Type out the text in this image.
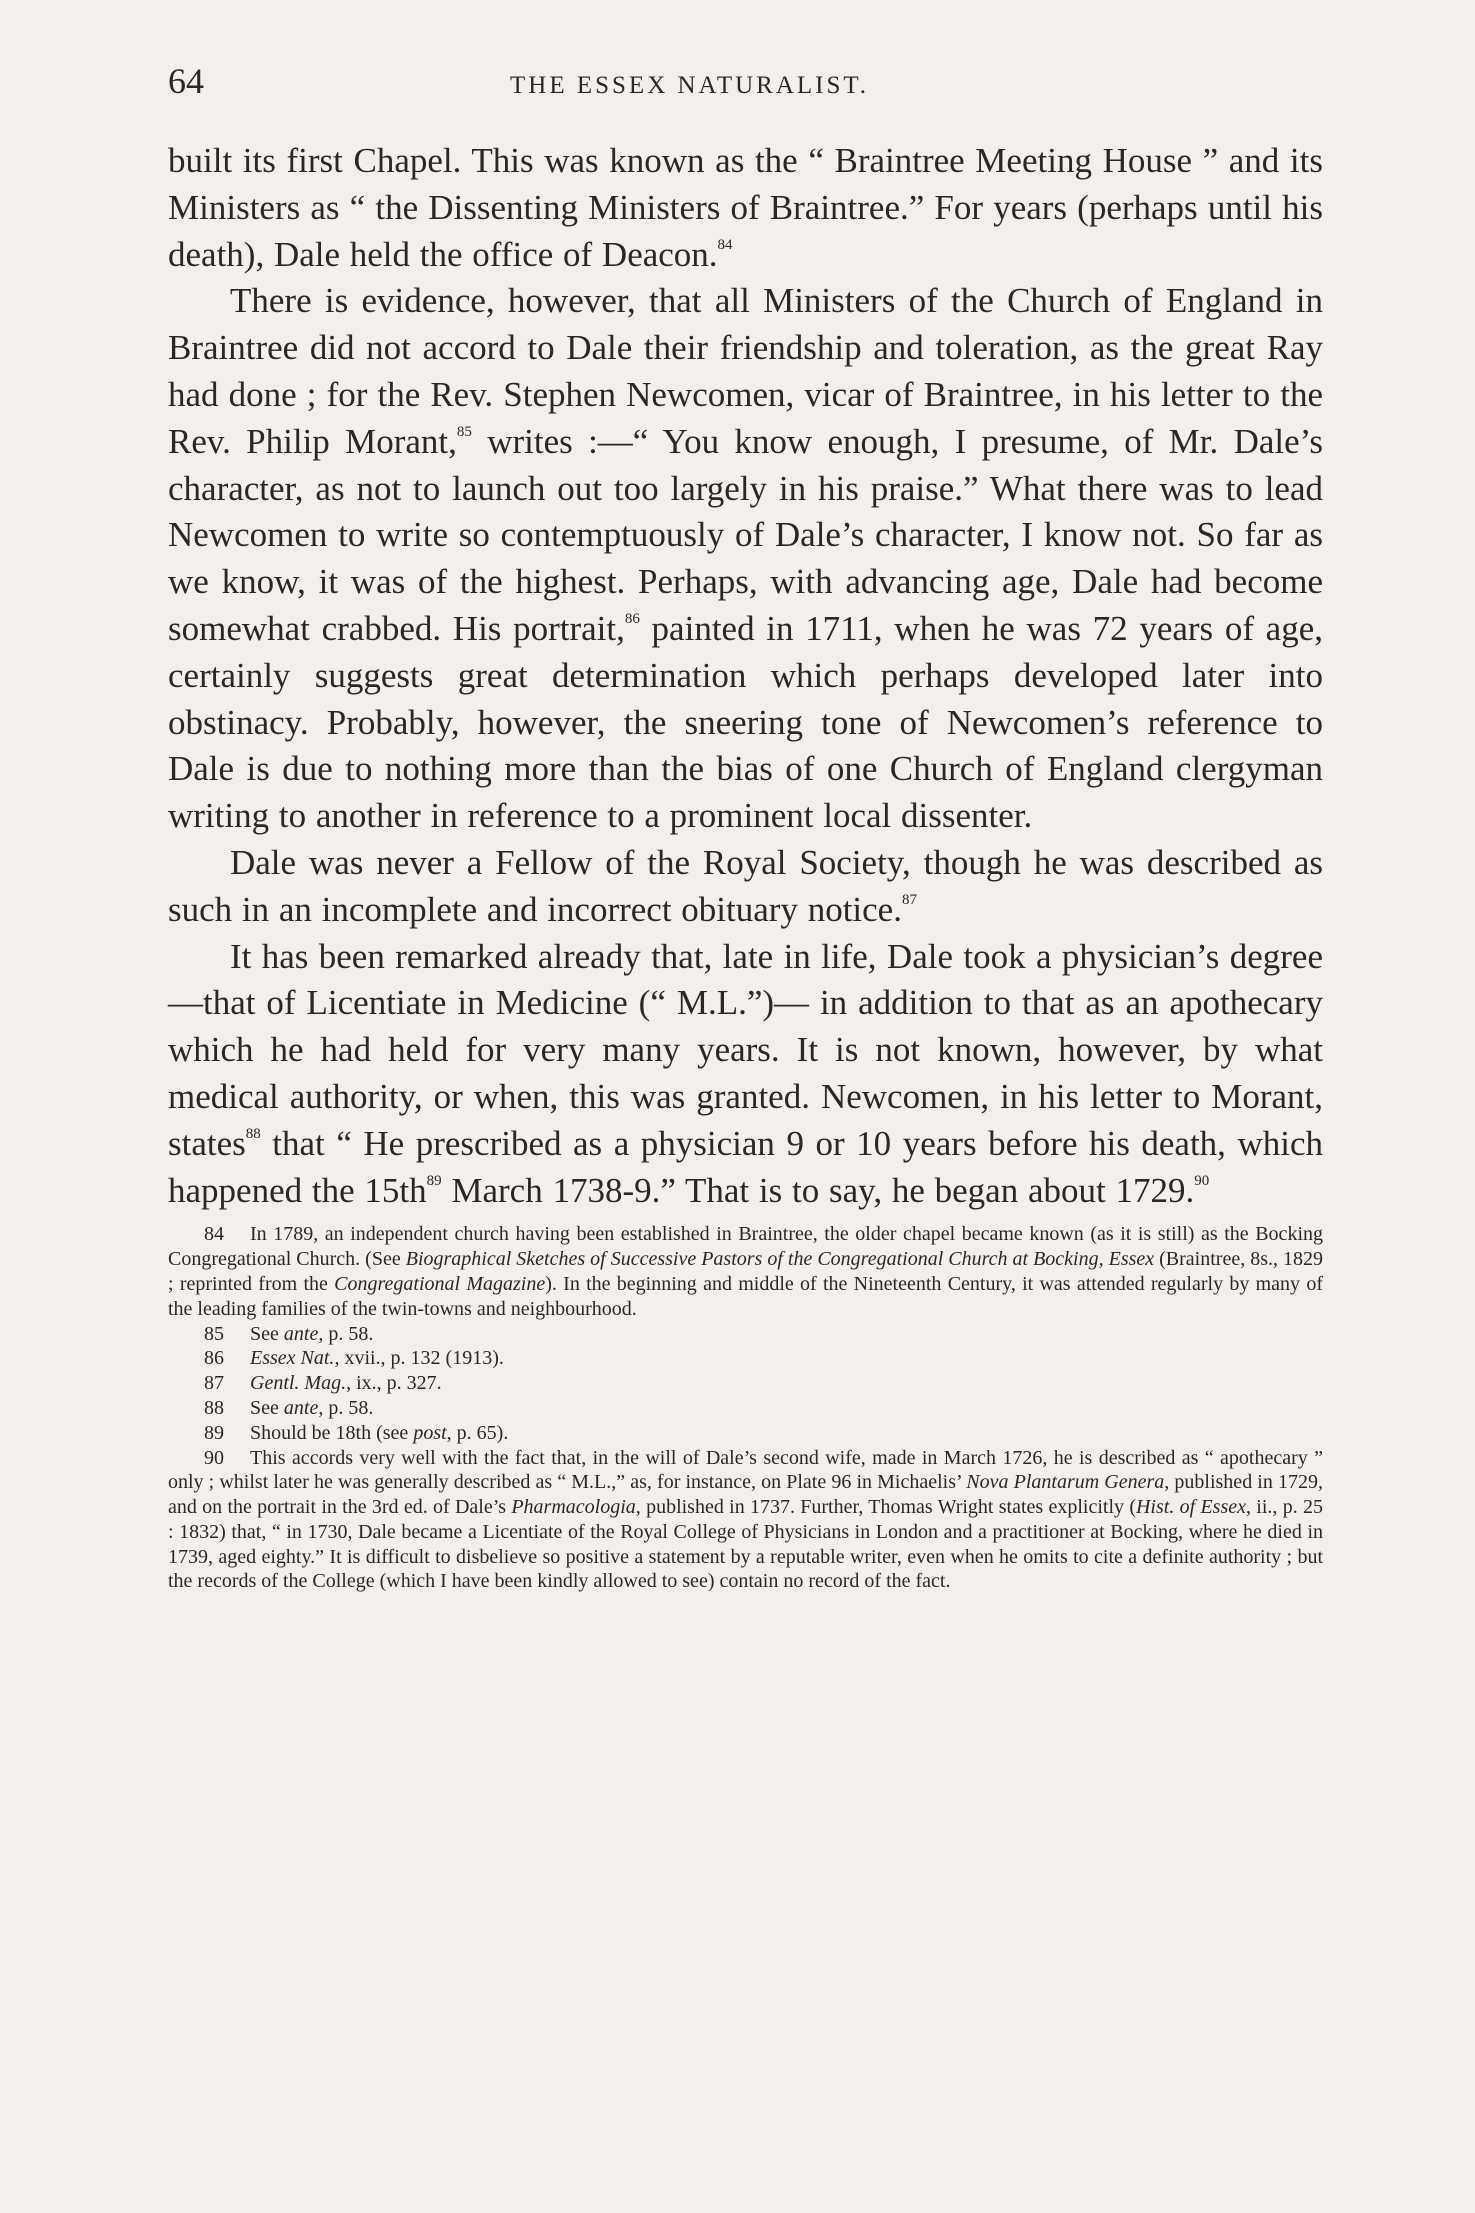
64	THE ESSEX NATURALIST.

built its first Chapel. This was known as the “ Braintree Meeting House ” and its Ministers as “ the Dissenting Ministers of Braintree.” For years (perhaps until his death), Dale held the office of Deacon.$^{84}$

There is evidence, however, that all Ministers of the Church of England in Braintree did not accord to Dale their friendship and toleration, as the great Ray had done ; for the Rev. Stephen Newcomen, vicar of Braintree, in his letter to the Rev. Philip Morant,$^{85}$ writes :—“ You know enough, I presume, of Mr. Dale’s character, as not to launch out too largely in his praise.” What there was to lead Newcomen to write so contemptuously of Dale’s character, I know not. So far as we know, it was of the highest. Perhaps, with advancing age, Dale had become somewhat crabbed. His portrait,$^{86}$ painted in 1711, when he was 72 years of age, certainly suggests great determination which perhaps developed later into obstinacy. Probably, however, the sneering tone of Newcomen’s reference to Dale is due to nothing more than the bias of one Church of England clergyman writing to another in reference to a prominent local dissenter.

Dale was never a Fellow of the Royal Society, though he was described as such in an incomplete and incorrect obituary notice.$^{87}$

It has been remarked already that, late in life, Dale took a physician’s degree—that of Licentiate in Medicine (“ M.L.”)— in addition to that as an apothecary which he had held for very many years. It is not known, however, by what medical authority, or when, this was granted. Newcomen, in his letter to Morant, states$^{88}$ that “ He prescribed as a physician 9 or 10 years before his death, which happened the $15th^{89}$ March 1738-9.” That is to say, he began about 1729.90

84 In 1789, an independent church having been established in Braintree, the older chapel became known (as it is still) as the Bocking Congregational Church. (See Biographical Sketches of Successive Pastors of the Congregational Church at Bocking, Essex (Braintree, 8s., 1829 ; reprinted from the Congregational Magazine). In the beginning and middle of the Nineteenth Century, it was attended regularly by many of the leading families of the twin-towns and neighbourhood.

85 See ante, p. 58.

86 Essex Nat., xvii., p. 132 (1913).

87 Gentl. Mag., ix., p. 327.

88 See ante, p. 58.

89 Should be 18th (see post, p. 65).

90 This accords very well with the fact that, in the will of Dale’s second wife, made in March 1726, he is described as “ apothecary ” only ; whilst later he was generally described as “ M.L.,” as, for instance, on Plate 96 in Michaelis’ Nova Plantarum Genera, published in 1729, and on the portrait in the 3rd ed. of Dale’s Pharmacologia, published in 1737. Further, Thomas Wright states explicitly (Hist. of Essex, ii., p. 25 : 1832) that, “ in 1730, Dale became a Licentiate of the Royal College of Physicians in London and a practitioner at Bocking, where he died in 1739, aged eighty.” It is difficult to disbelieve so positive a statement by a reputable writer, even when he omits to cite a definite authority ; but the records of the College (which I have been kindly allowed to see) contain no record of the fact.
